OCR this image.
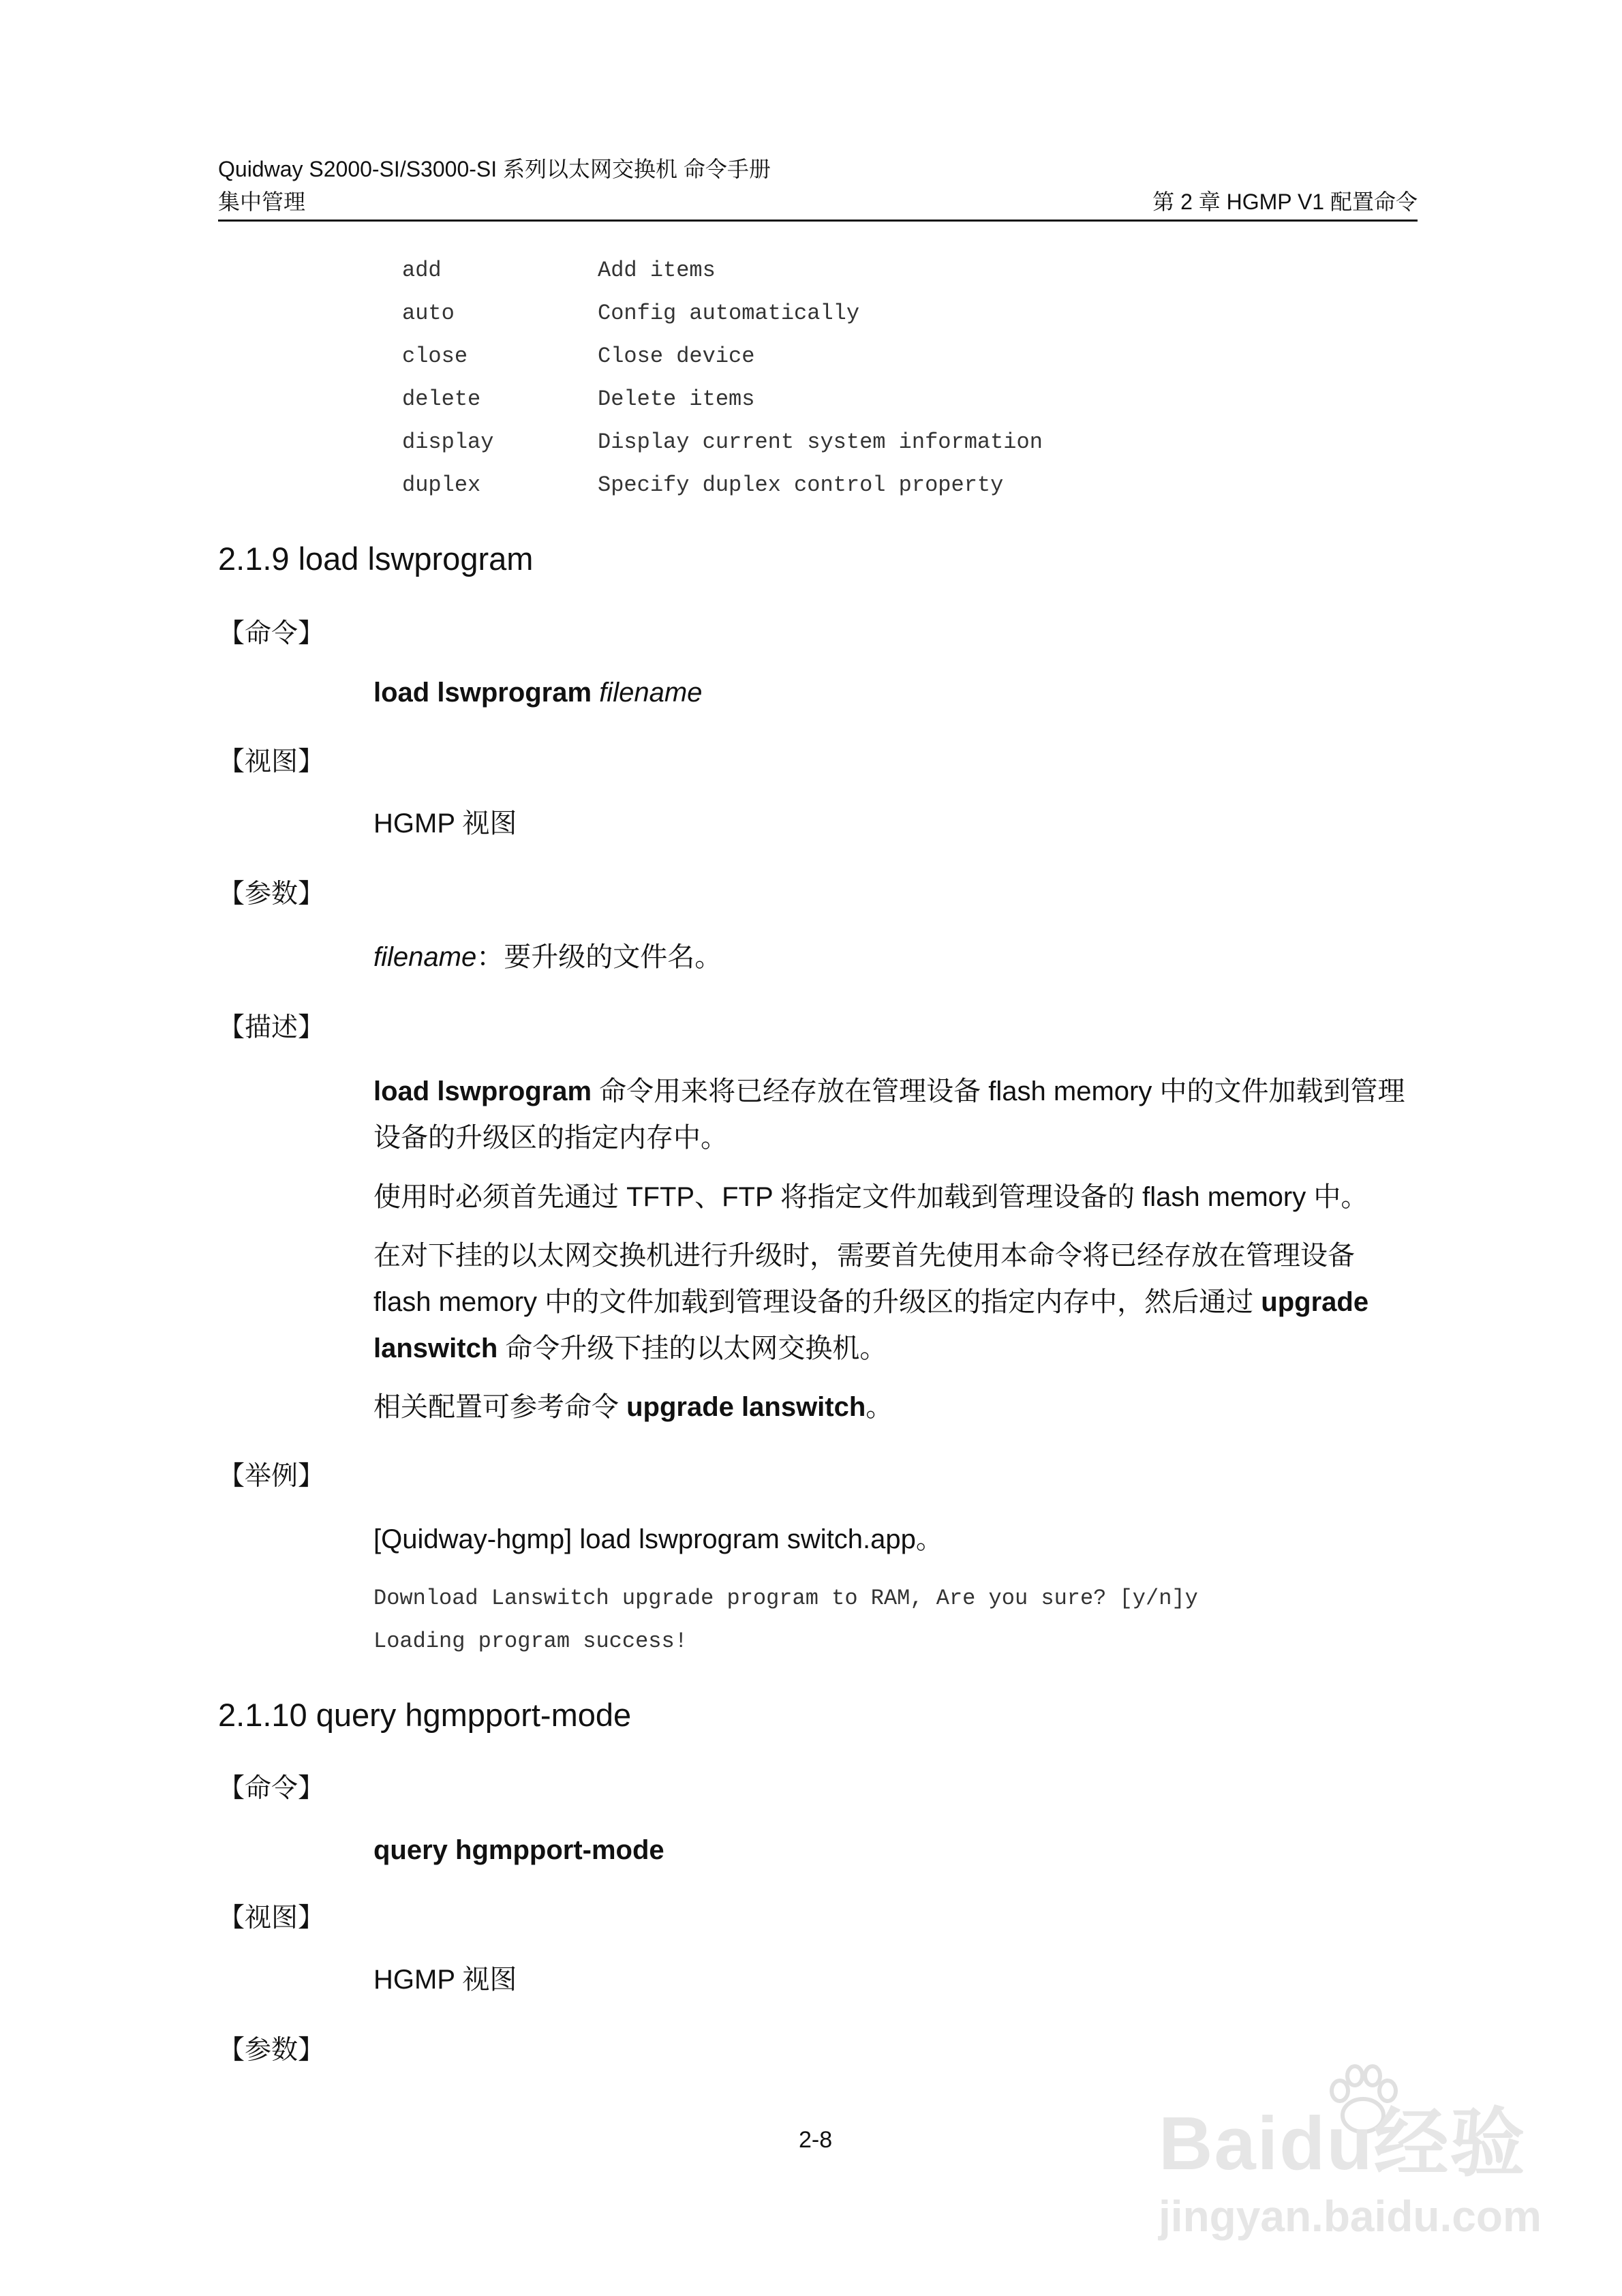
Quidway S2000-SI/S3000-SI 系列以太网交换机 命令手册
集中管理	第 2 章 HGMP V1 配置命令
add	Add items
auto	Config automatically
close	Close device
delete	Delete items
display	Display current system information
duplex	Specify duplex control property
2.1.9 load lswprogram
【命令】
load lswprogram filename
【视图】
HGMP 视图
【参数】
filename：要升级的文件名。
【描述】
load lswprogram 命令用来将已经存放在管理设备 flash memory 中的文件加载到管理设备的升级区的指定内存中。
使用时必须首先通过 TFTP、FTP 将指定文件加载到管理设备的 flash memory 中。
在对下挂的以太网交换机进行升级时，需要首先使用本命令将已经存放在管理设备 flash memory 中的文件加载到管理设备的升级区的指定内存中，然后通过 upgrade lanswitch 命令升级下挂的以太网交换机。
相关配置可参考命令 upgrade lanswitch。
【举例】
[Quidway-hgmp] load lswprogram switch.app。
Download Lanswitch upgrade program to RAM, Are you sure? [y/n]y
Loading program success!
2.1.10 query hgmpport-mode
【命令】
query hgmpport-mode
【视图】
HGMP 视图
【参数】
2-8	Baidu经验
jingyan.baidu.com
